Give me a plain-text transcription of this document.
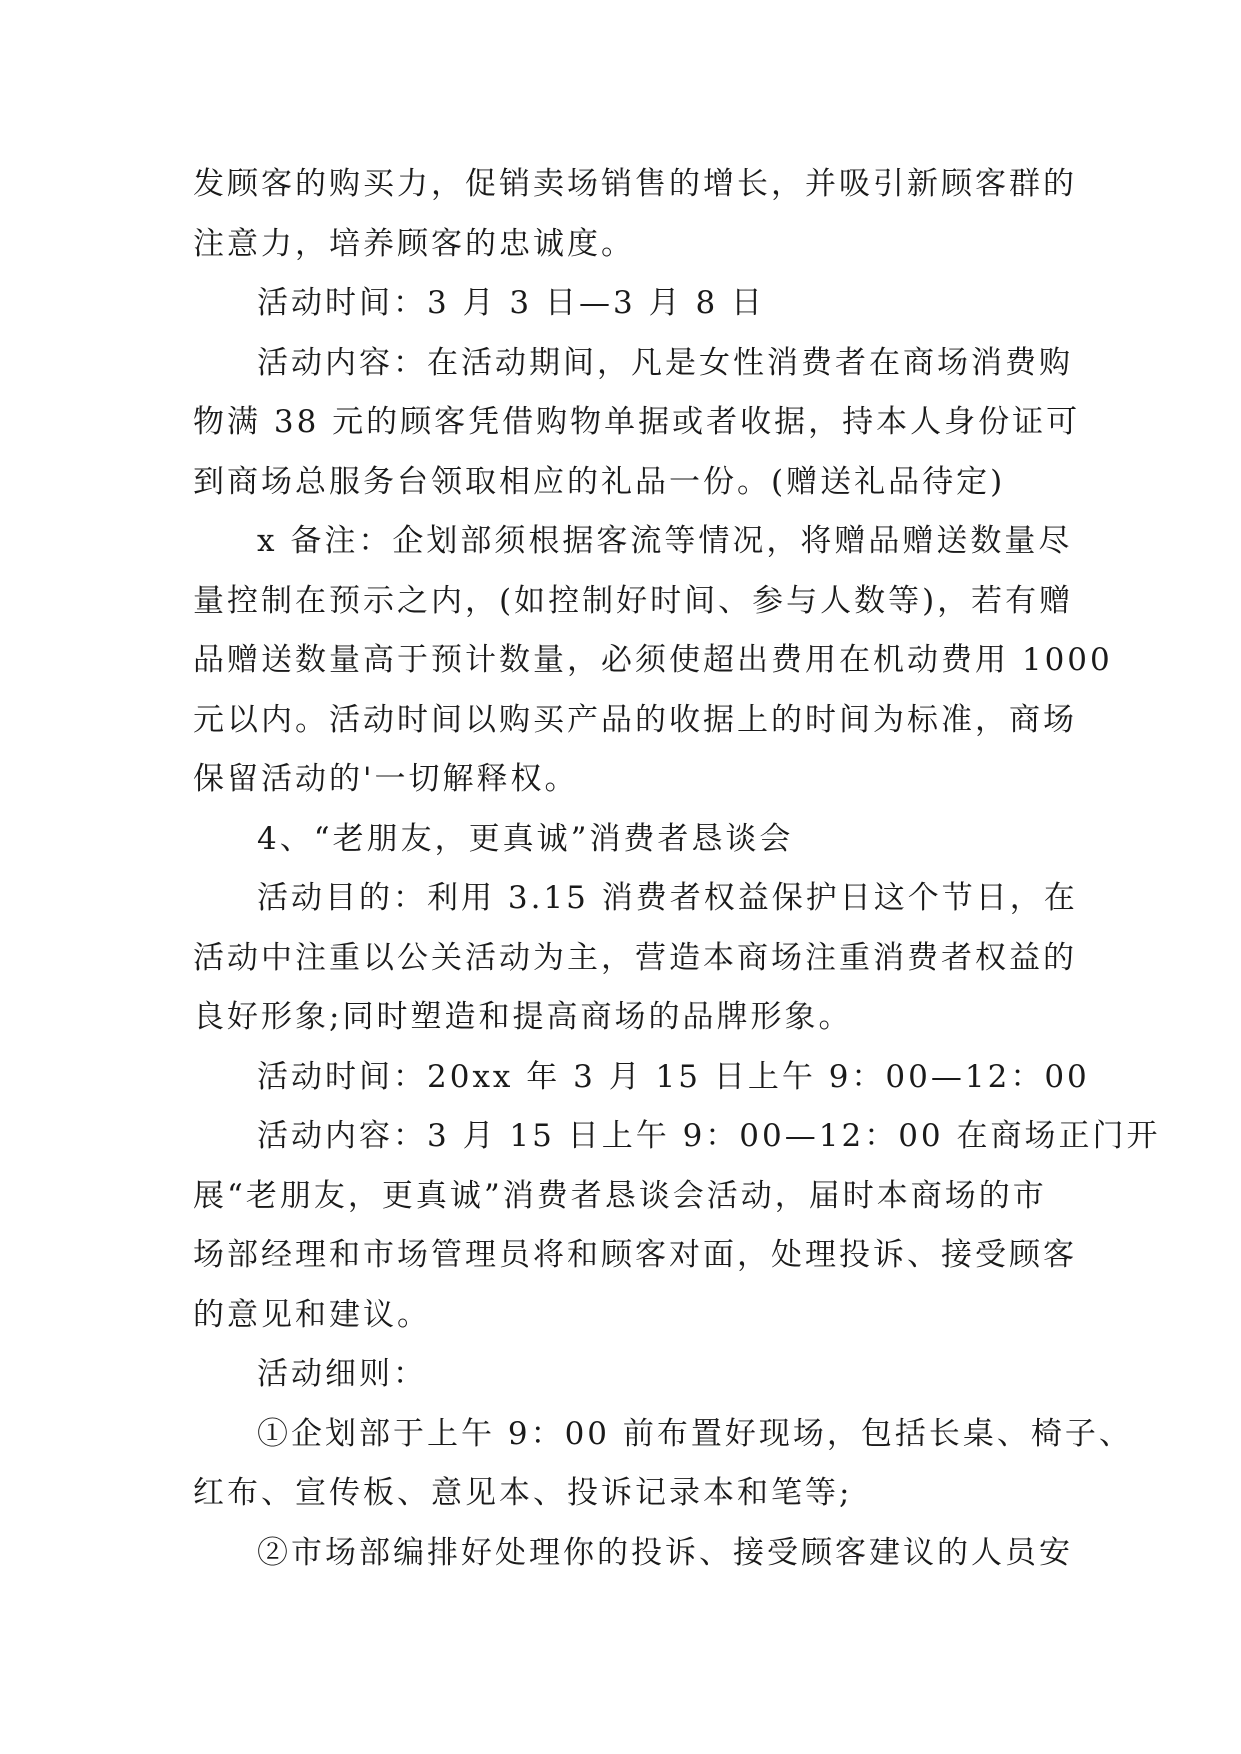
发顾客的购买力，促销卖场销售的增长，并吸引新顾客群的
注意力，培养顾客的忠诚度。
活动时间：3 月 3 日—3 月 8 日
活动内容：在活动期间，凡是女性消费者在商场消费购
物满 38 元的顾客凭借购物单据或者收据，持本人身份证可
到商场总服务台领取相应的礼品一份。(赠送礼品待定)
x 备注：企划部须根据客流等情况，将赠品赠送数量尽
量控制在预示之内，(如控制好时间、参与人数等)，若有赠
品赠送数量高于预计数量，必须使超出费用在机动费用 1000
元以内。活动时间以购买产品的收据上的时间为标准，商场
保留活动的'一切解释权。
4、“老朋友，更真诚”消费者恳谈会
活动目的：利用 3.15 消费者权益保护日这个节日，在
活动中注重以公关活动为主，营造本商场注重消费者权益的
良好形象;同时塑造和提高商场的品牌形象。
活动时间：20xx 年 3 月 15 日上午 9：00—12：00
活动内容：3 月 15 日上午 9：00—12：00 在商场正门开
展“老朋友，更真诚”消费者恳谈会活动，届时本商场的市
场部经理和市场管理员将和顾客对面，处理投诉、接受顾客
的意见和建议。
活动细则：
①企划部于上午 9：00 前布置好现场，包括长桌、椅子、
红布、宣传板、意见本、投诉记录本和笔等;
②市场部编排好处理你的投诉、接受顾客建议的人员安
